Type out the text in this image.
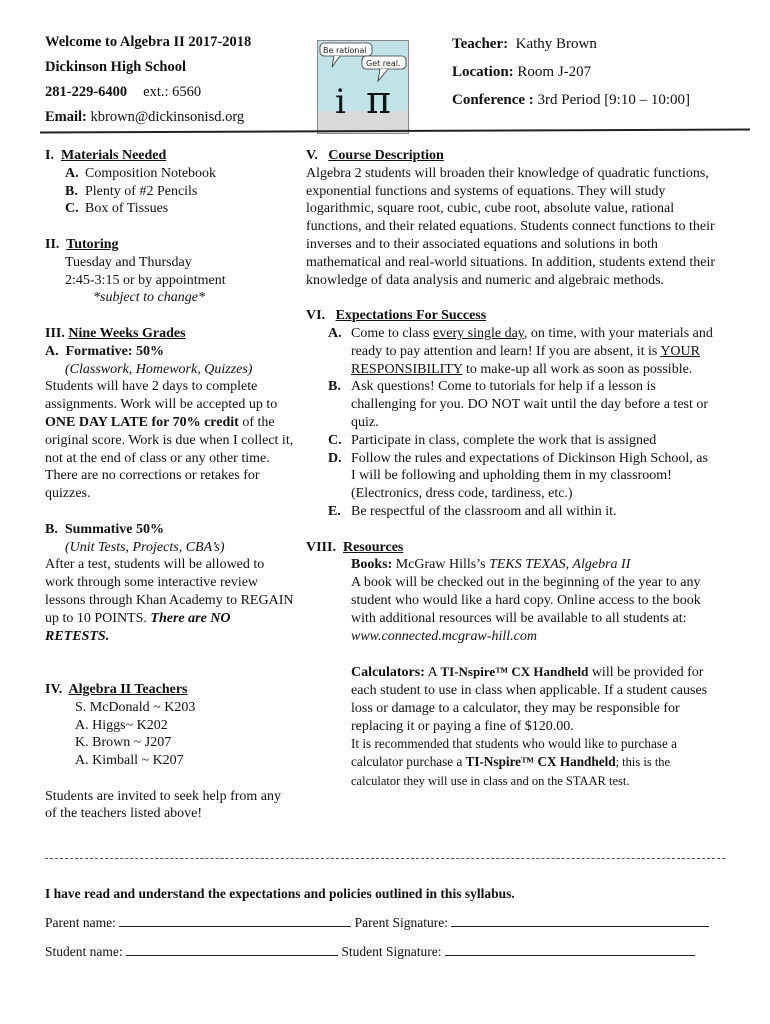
Welcome to Algebra II 2017-2018
Dickinson High School
281-229-6400 ext.: 6560
Email: kbrown@dickinsonisd.org
Be rational
Get real.
i π
Teacher: Kathy Brown
Location: Room J-207
Conference : 3rd Period [9:10 – 10:00]
I. Materials Needed
A. Composition Notebook
B. Plenty of #2 Pencils
C. Box of Tissues
II. Tutoring
Tuesday and Thursday
2:45-3:15 or by appointment
*subject to change*
III. Nine Weeks Grades
A. Formative: 50%
(Classwork, Homework, Quizzes)
Students will have 2 days to complete assignments. Work will be accepted up to ONE DAY LATE for 70% credit of the original score. Work is due when I collect it, not at the end of class or any other time. There are no corrections or retakes for quizzes.
B. Summative 50%
(Unit Tests, Projects, CBA’s)
After a test, students will be allowed to work through some interactive review lessons through Khan Academy to REGAIN up to 10 POINTS. There are NO RETESTS.
IV. Algebra II Teachers
S. McDonald ~ K203
A. Higgs~ K202
K. Brown ~ J207
A. Kimball ~ K207
Students are invited to seek help from any of the teachers listed above!
V. Course Description
Algebra 2 students will broaden their knowledge of quadratic functions, exponential functions and systems of equations. They will study logarithmic, square root, cubic, cube root, absolute value, rational functions, and their related equations. Students connect functions to their inverses and to their associated equations and solutions in both mathematical and real-world situations. In addition, students extend their knowledge of data analysis and numeric and algebraic methods.
VI. Expectations For Success
A. Come to class every single day, on time, with your materials and ready to pay attention and learn! If you are absent, it is YOUR RESPONSIBILITY to make-up all work as soon as possible.
B. Ask questions! Come to tutorials for help if a lesson is challenging for you. DO NOT wait until the day before a test or quiz.
C. Participate in class, complete the work that is assigned
D. Follow the rules and expectations of Dickinson High School, as I will be following and upholding them in my classroom! (Electronics, dress code, tardiness, etc.)
E. Be respectful of the classroom and all within it.
VIII. Resources
Books: McGraw Hills’s TEKS TEXAS, Algebra II
A book will be checked out in the beginning of the year to any student who would like a hard copy. Online access to the book with additional resources will be available to all students at: www.connected.mcgraw-hill.com
Calculators: A TI-Nspire™ CX Handheld will be provided for each student to use in class when applicable. If a student causes loss or damage to a calculator, they may be responsible for replacing it or paying a fine of $120.00.
It is recommended that students who would like to purchase a calculator purchase a TI-Nspire™ CX Handheld; this is the calculator they will use in class and on the STAAR test.
I have read and understand the expectations and policies outlined in this syllabus.
Parent name:	Parent Signature:
Student name:	Student Signature:
